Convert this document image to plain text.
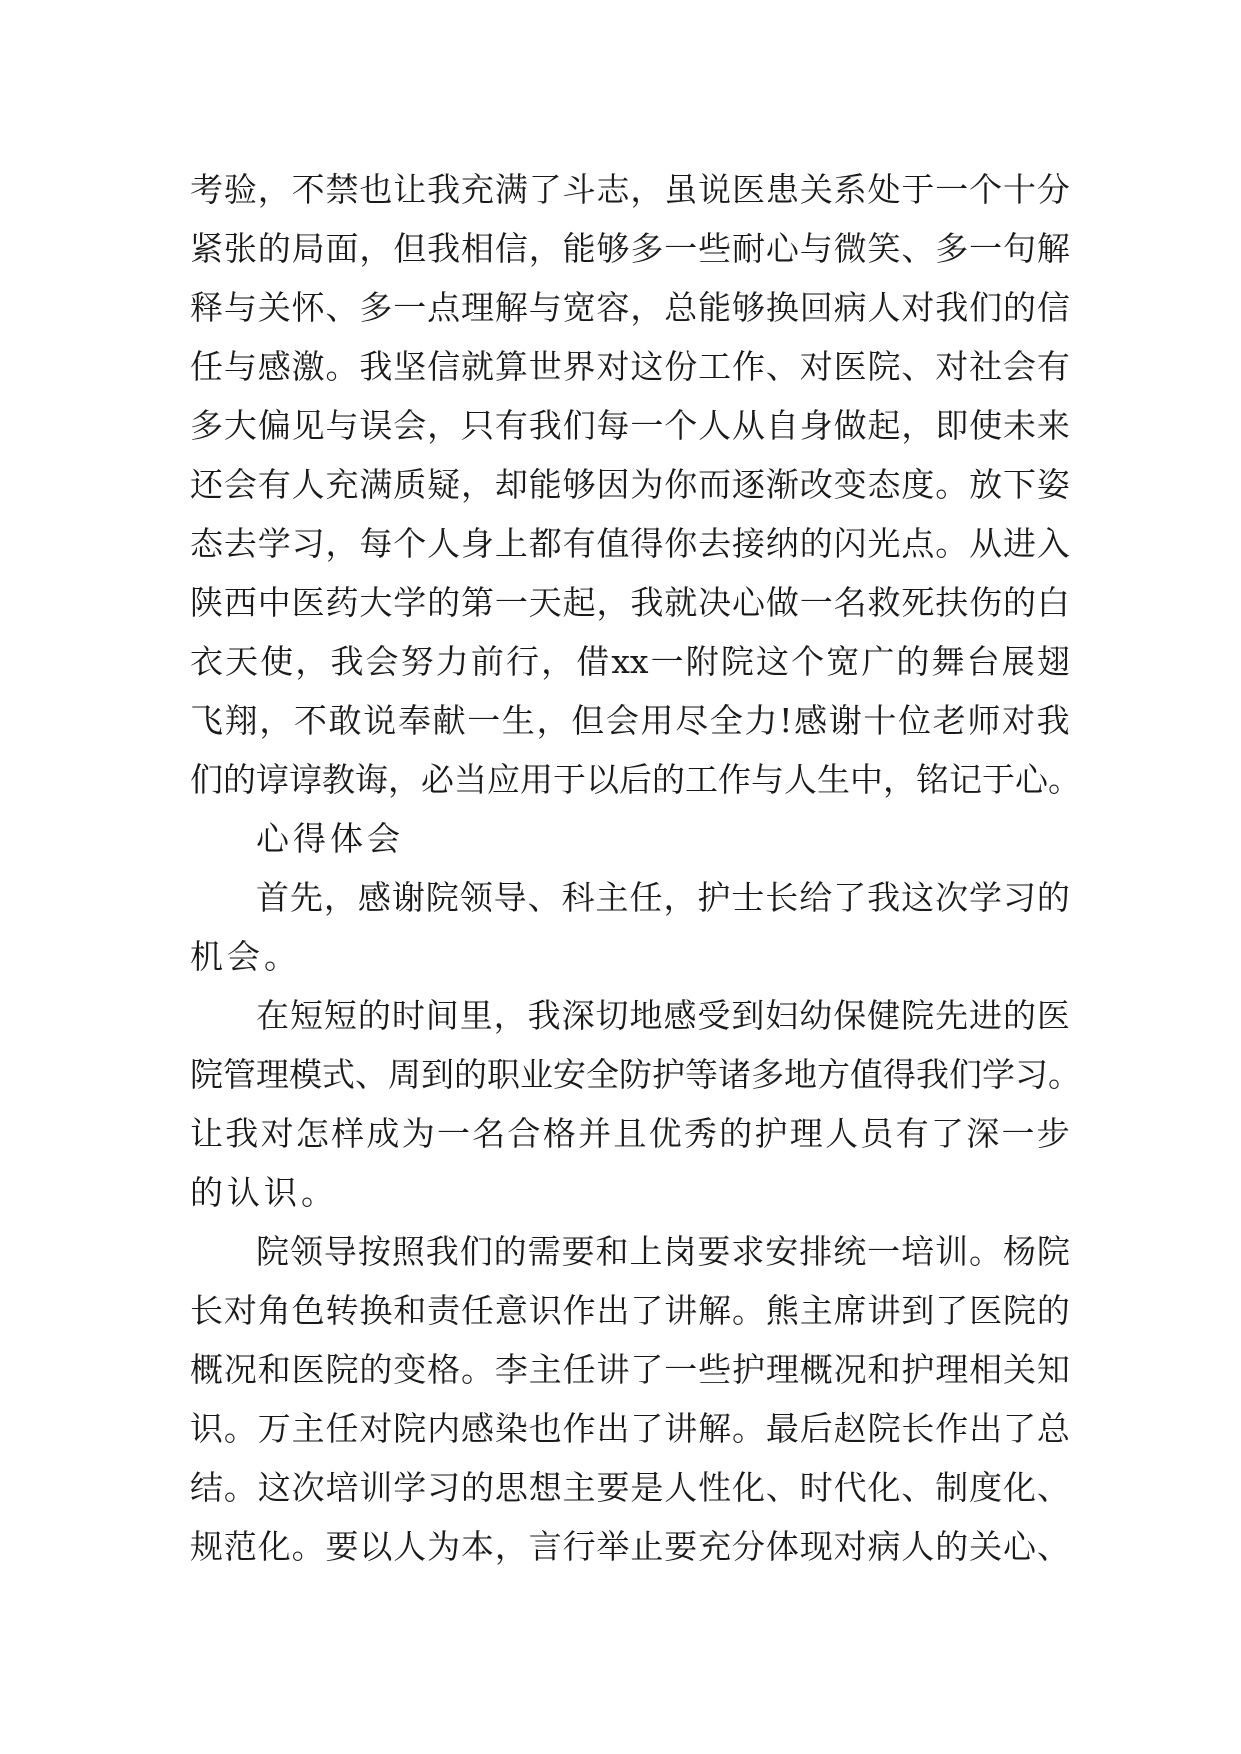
考 验 ， 不 禁 也 让 我 充 满 了 斗 志 ， 虽 说 医 患 关 系 处 于 一 个 十 分
紧 张 的 局 面 ， 但 我 相 信 ， 能 够 多 一 些 耐 心 与 微 笑 、 多 一 句 解
释 与 关 怀 、 多 一 点 理 解 与 宽 容 ， 总 能 够 换 回 病 人 对 我 们 的 信
任 与 感 激 。 我 坚 信 就 算 世 界 对 这 份 工 作 、 对 医 院 、 对 社 会 有
多 大 偏 见 与 误 会 ， 只 有 我 们 每 一 个 人 从 自 身 做 起 ， 即 使 未 来
还 会 有 人 充 满 质 疑 ， 却 能 够 因 为 你 而 逐 渐 改 变 态 度 。 放 下 姿
态 去 学 习 ， 每 个 人 身 上 都 有 值 得 你 去 接 纳 的 闪 光 点 。 从 进 入
陕 西 中 医 药 大 学 的 第 一 天 起 ， 我 就 决 心 做 一 名 救 死 扶 伤 的 白
衣 天 使 ， 我 会 努 力 前 行 ， 借 xx 一 附 院 这 个 宽 广 的 舞 台 展 翅
飞 翔 ， 不 敢 说 奉 献 一 生 ， 但 会 用 尽 全 力 ! 感 谢 十 位 老 师 对 我
们 的 谆 谆 教 诲 ， 必 当 应 用 于 以 后 的 工 作 与 人 生 中 ， 铭 记 于 心 。
心得体会
首 先 ， 感 谢 院 领 导 、 科 主 任 ， 护 士 长 给 了 我 这 次 学 习 的
机会。
在 短 短 的 时 间 里 ， 我 深 切 地 感 受 到 妇 幼 保 健 院 先 进 的 医
院 管 理 模 式 、 周 到 的 职 业 安 全 防 护 等 诸 多 地 方 值 得 我 们 学 习 。
让 我 对 怎 样 成 为 一 名 合 格 并 且 优 秀 的 护 理 人 员 有 了 深 一 步
的认识。
院 领 导 按 照 我 们 的 需 要 和 上 岗 要 求 安 排 统 一 培 训 。 杨 院
长 对 角 色 转 换 和 责 任 意 识 作 出 了 讲 解 。 熊 主 席 讲 到 了 医 院 的
概 况 和 医 院 的 变 格 。 李 主 任 讲 了 一 些 护 理 概 况 和 护 理 相 关 知
识 。 万 主 任 对 院 内 感 染 也 作 出 了 讲 解 。 最 后 赵 院 长 作 出 了 总
结 。 这 次 培 训 学 习 的 思 想 主 要 是 人 性 化 、 时 代 化 、 制 度 化 、
规 范 化 。 要 以 人 为 本 ， 言 行 举 止 要 充 分 体 现 对 病 人 的 关 心 、
